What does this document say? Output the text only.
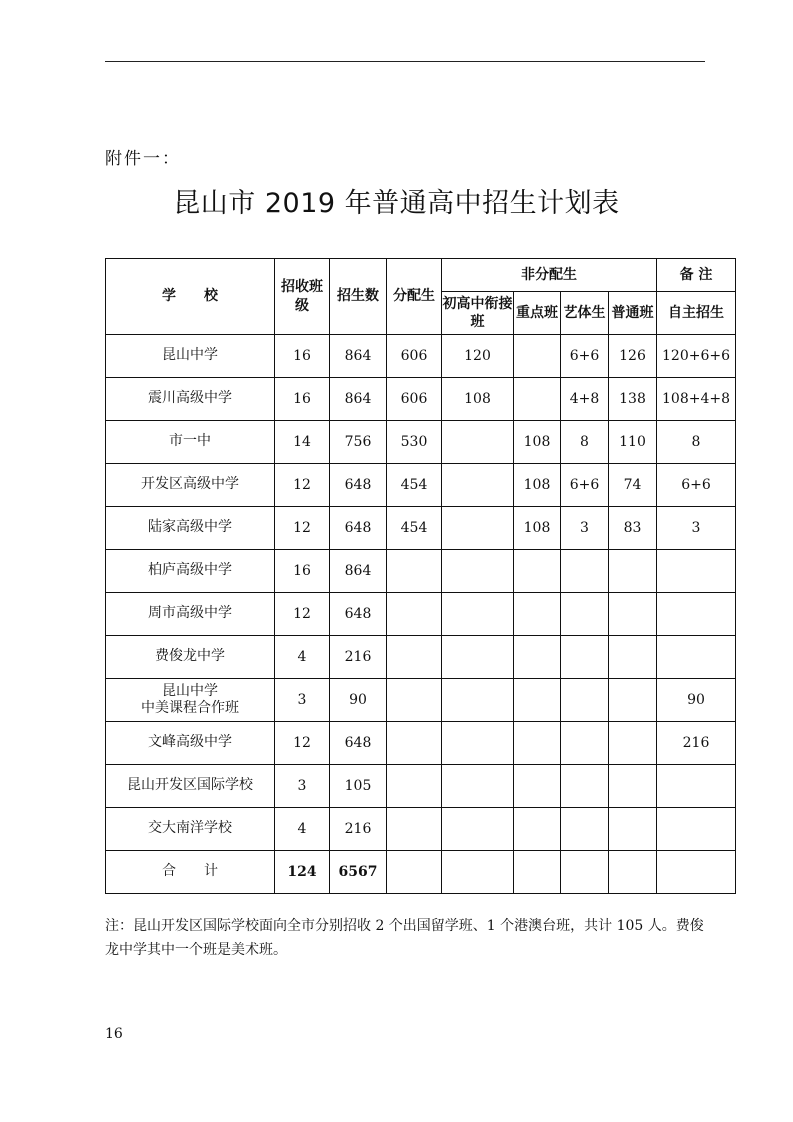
附件一：
昆山市 2019 年普通高中招生计划表
学　　校	招收班级	招生数	分配生	非分配生				备 注
				初高中衔接班	重点班	艺体生	普通班	自主招生
昆山中学	16	864	606	120		6+6	126	120+6+6
震川高级中学	16	864	606	108		4+8	138	108+4+8
市一中	14	756	530		108	8	110	8
开发区高级中学	12	648	454		108	6+6	74	6+6
陆家高级中学	12	648	454		108	3	83	3
柏庐高级中学	16	864						
周市高级中学	12	648						
费俊龙中学	4	216						
昆山中学
中美课程合作班	3	90						90
文峰高级中学	12	648						216
昆山开发区国际学校	3	105						
交大南洋学校	4	216						
合　　计	124	6567						
注：昆山开发区国际学校面向全市分别招收 2 个出国留学班、1 个港澳台班，共计 105 人。费俊龙中学其中一个班是美术班。
16
